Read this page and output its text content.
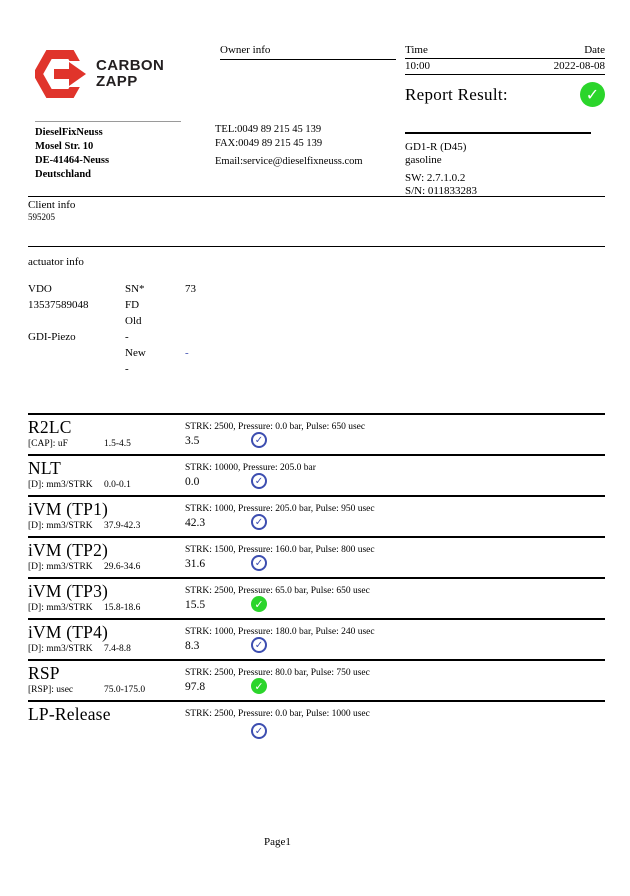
CARBON
ZAPP
Owner info	Time	Date
10:00	2022-08-08
Report Result:	✓
DieselFixNeuss
Mosel Str. 10
DE-41464-Neuss
Deutschland
TEL:0049 89 215 45 139
FAX:0049 89 215 45 139
Email:service@dieselfixneuss.com
GD1-R (D45)
gasoline
SW: 2.7.1.0.2
S/N: 011833283
Client info
595205
actuator info
VDO	SN*	73
13537589048	FD
Old
GDI-Piezo	-
New	-
-
R2LC	STRK: 2500, Pressure: 0.0 bar, Pulse: 650 usec
[CAP]: uF	1.5-4.5	3.5	✓
NLT	STRK: 10000, Pressure: 205.0 bar
[D]: mm3/STRK 0.0-0.1	0.0	✓
iVM (TP1)	STRK: 1000, Pressure: 205.0 bar, Pulse: 950 usec
[D]: mm3/STRK 37.9-42.3	42.3	✓
iVM (TP2)	STRK: 1500, Pressure: 160.0 bar, Pulse: 800 usec
[D]: mm3/STRK 29.6-34.6	31.6	✓
iVM (TP3)	STRK: 2500, Pressure: 65.0 bar, Pulse: 650 usec
[D]: mm3/STRK 15.8-18.6	15.5	✓
iVM (TP4)	STRK: 1000, Pressure: 180.0 bar, Pulse: 240 usec
[D]: mm3/STRK 7.4-8.8	8.3	✓
RSP	STRK: 2500, Pressure: 80.0 bar, Pulse: 750 usec
[RSP]: usec	75.0-175.0	97.8	✓
LP-Release	STRK: 2500, Pressure: 0.0 bar, Pulse: 1000 usec
✓
Page1
